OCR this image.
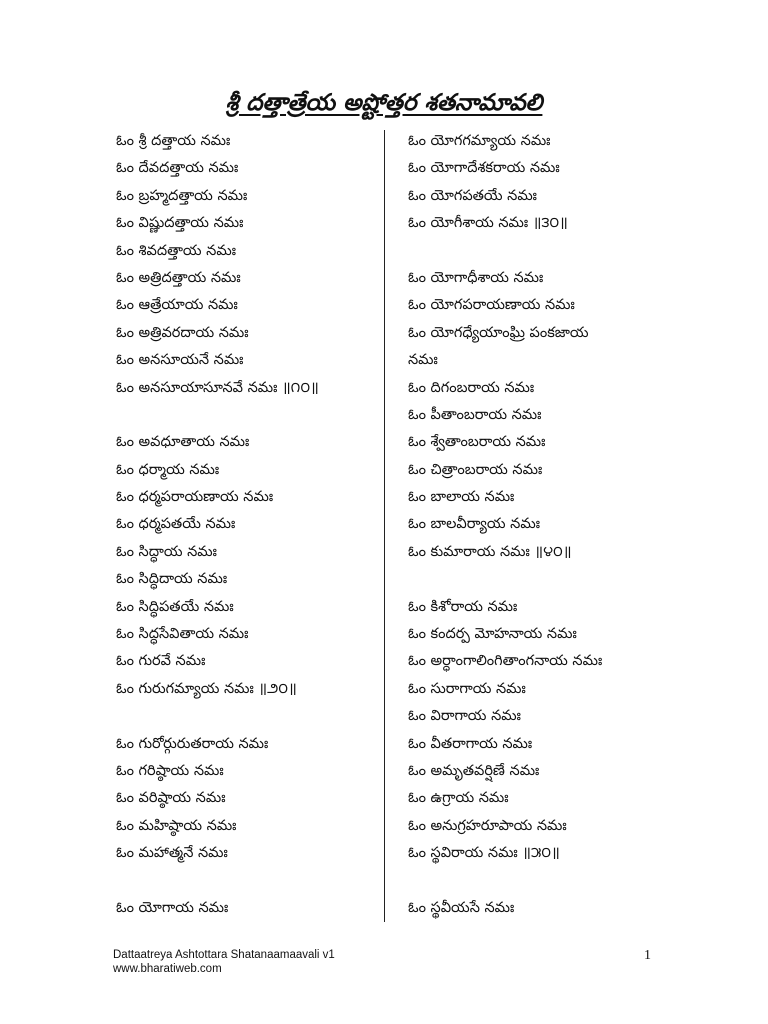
శ్రీ దత్తాత్రేయ అష్టోత్తర శతనామావలి
ఓం శ్రీ దత్తాయ నమః
ఓం దేవదత్తాయ నమః
ఓం బ్రహ్మదత్తాయ నమః
ఓం విష్ణుదత్తాయ నమః
ఓం శివదత్తాయ నమః
ఓం అత్రిదత్తాయ నమః
ఓం ఆత్రేయాయ నమః
ఓం అత్రివరదాయ నమః
ఓం అనసూయనే నమః
ఓం అనసూయాసూనవే నమః ॥౧౦॥
ఓం అవధూతాయ నమః
ఓం ధర్మాయ నమః
ఓం ధర్మపరాయణాయ నమః
ఓం ధర్మపతయే నమః
ఓం సిద్ధాయ నమః
ఓం సిద్ధిదాయ నమః
ఓం సిద్ధిపతయే నమః
ఓం సిద్ధసేవితాయ నమః
ఓం గురవే నమః
ఓం గురుగమ్యాయ నమః ॥౨౦॥
ఓం గురోర్గురుతరాయ నమః
ఓం గరిష్ఠాయ నమః
ఓం వరిష్ఠాయ నమః
ఓం మహిష్ఠాయ నమః
ఓం మహాత్మనే నమః
ఓం యోగాయ నమః
ఓం యోగగమ్యాయ నమః
ఓం యోగాదేశకరాయ నమః
ఓం యోగపతయే నమః
ఓం యోగీశాయ నమః ॥౩౦॥
ఓం యోగాధీశాయ నమః
ఓం యోగపరాయణాయ నమః
ఓం యోగధ్యేయాంఘ్రి పంకజాయ
నమః
ఓం దిగంబరాయ నమః
ఓం పీతాంబరాయ నమః
ఓం శ్వేతాంబరాయ నమః
ఓం చిత్రాంబరాయ నమః
ఓం బాలాయ నమః
ఓం బాలవీర్యాయ నమః
ఓం కుమారాయ నమః ॥౪౦॥
ఓం కిశోరాయ నమః
ఓం కందర్ప మోహనాయ నమః
ఓం అర్ధాంగాలింగితాంగనాయ నమః
ఓం సురాగాయ నమః
ఓం విరాగాయ నమః
ఓం వీతరాగాయ నమః
ఓం అమృతవర్షిణే నమః
ఓం ఉగ్రాయ నమః
ఓం అనుగ్రహరూపాయ నమః
ఓం స్థవిరాయ నమః ॥౫౦॥
ఓం స్థవీయసే నమః
Dattaatreya Ashtottara Shatanaamaavali v1
www.bharatiweb.com
1
